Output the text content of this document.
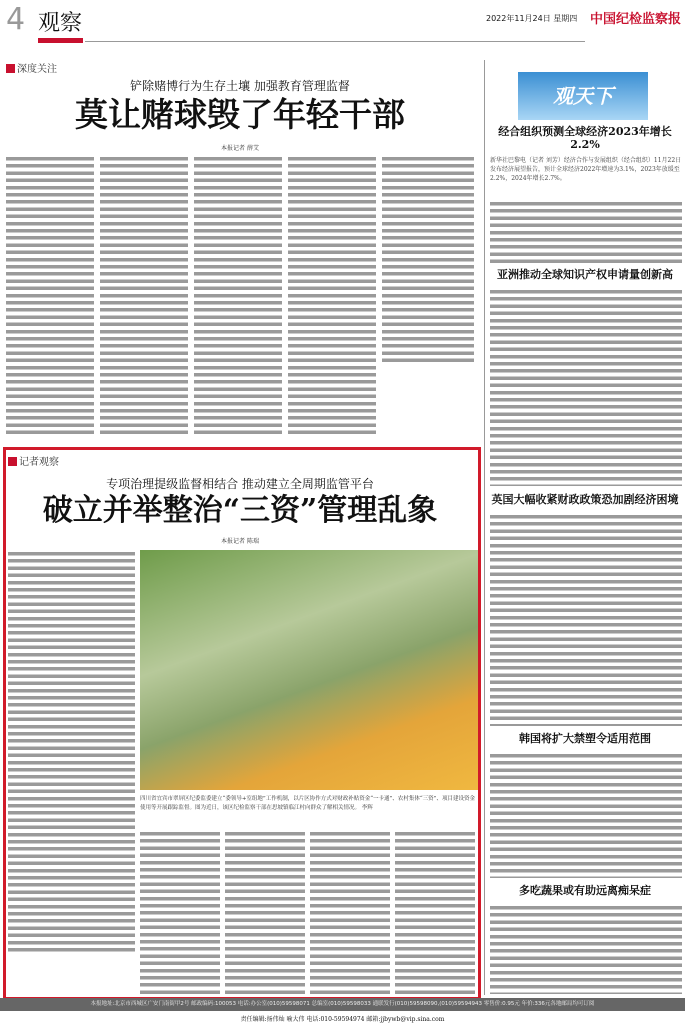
4 观察	2022年11月24日 星期四 中国纪检监察报
深度关注
铲除赌博行为生存土壤 加强教育管理监督
莫让赌球毁了年轻干部
本报记者 薛艾
记者观察
专项治理提级监督相结合 推动建立全周期监管平台
破立并举整治“三资”管理乱象
本报记者 陈瑞
四川省宜宾市翠屏区纪委监委建立“委领导+室组地”工作机制，以片区协作方式对财政补贴资金“一卡通”、农村集体“三资”、项目建设资金使用等开展跟踪监督。图为近日，该区纪检监察干部在思坡镇临江村向群众了解相关情况。 李辉
观天下
经合组织预测全球经济2023年增长2.2%
新华社巴黎电（记者 刘芳）经济合作与发展组织（经合组织）11月22日发布经济展望报告，预计全球经济2022年增速为3.1%，2023年放缓至2.2%，2024年增长2.7%。
亚洲推动全球知识产权申请量创新高
英国大幅收紧财政政策恐加剧经济困境
韩国将扩大禁塑令适用范围
多吃蔬果或有助远离痴呆症
本报地址:北京市西城区广安门南街甲2号 邮政编码:100053 电话:办公室(010)59598071 总编室(010)59598033 通联发行(010)59598090,(010)59594943 零售价:0.95元 年价:336元各地邮局均可订阅
责任编辑:扬伟灿 喻大伟 电话:010-59594974 邮箱:jjbywb@vip.sina.com
